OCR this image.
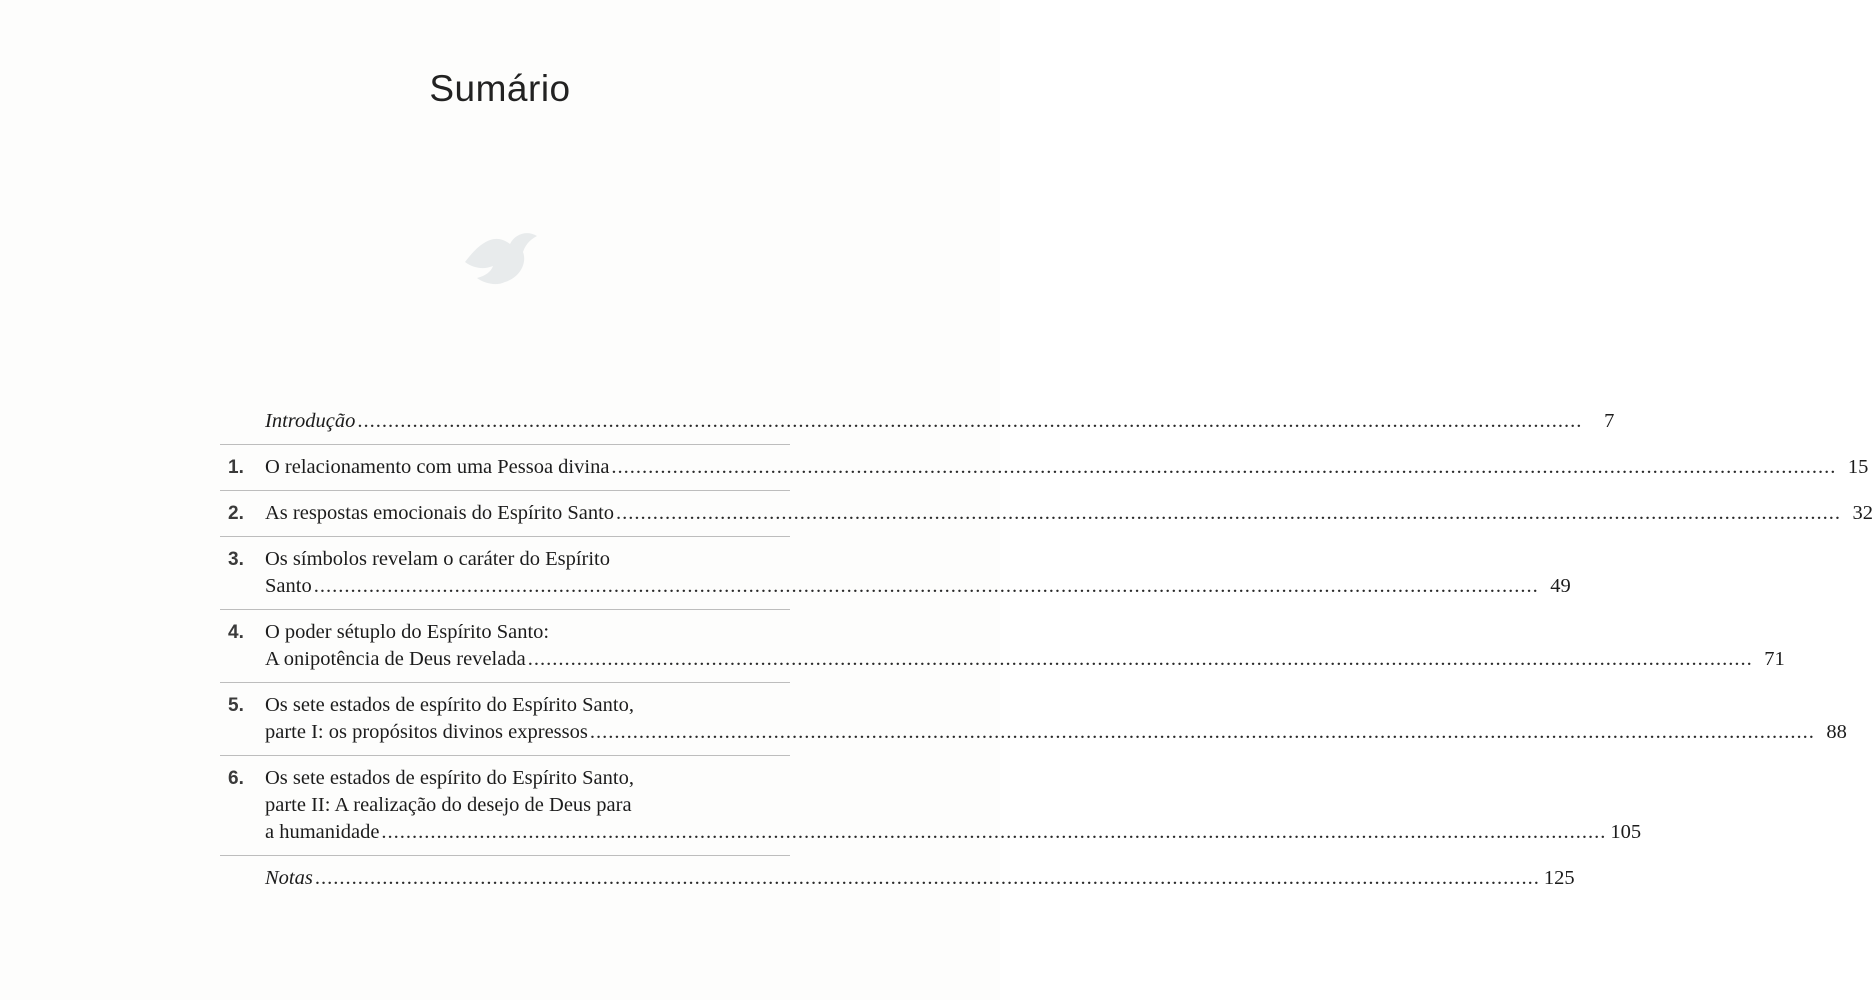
Sumário
Introdução ........................................................................................................................................................................................................	7
1. O relacionamento com uma Pessoa divina ........................................................................................................................................................................................................ 15
2. As respostas emocionais do Espírito Santo ........................................................................................................................................................................................................ 32
3. Os símbolos revelam o caráter do Espírito
Santo ........................................................................................................................................................................................................ 49
4. O poder sétuplo do Espírito Santo:
A onipotência de Deus revelada ........................................................................................................................................................................................................ 71
5. Os sete estados de espírito do Espírito Santo,
parte I: os propósitos divinos expressos ........................................................................................................................................................................................................ 88
6. Os sete estados de espírito do Espírito Santo,
parte II: A realização do desejo de Deus para
a humanidade ........................................................................................................................................................................................................ 105
Notas ........................................................................................................................................................................................................ 125
